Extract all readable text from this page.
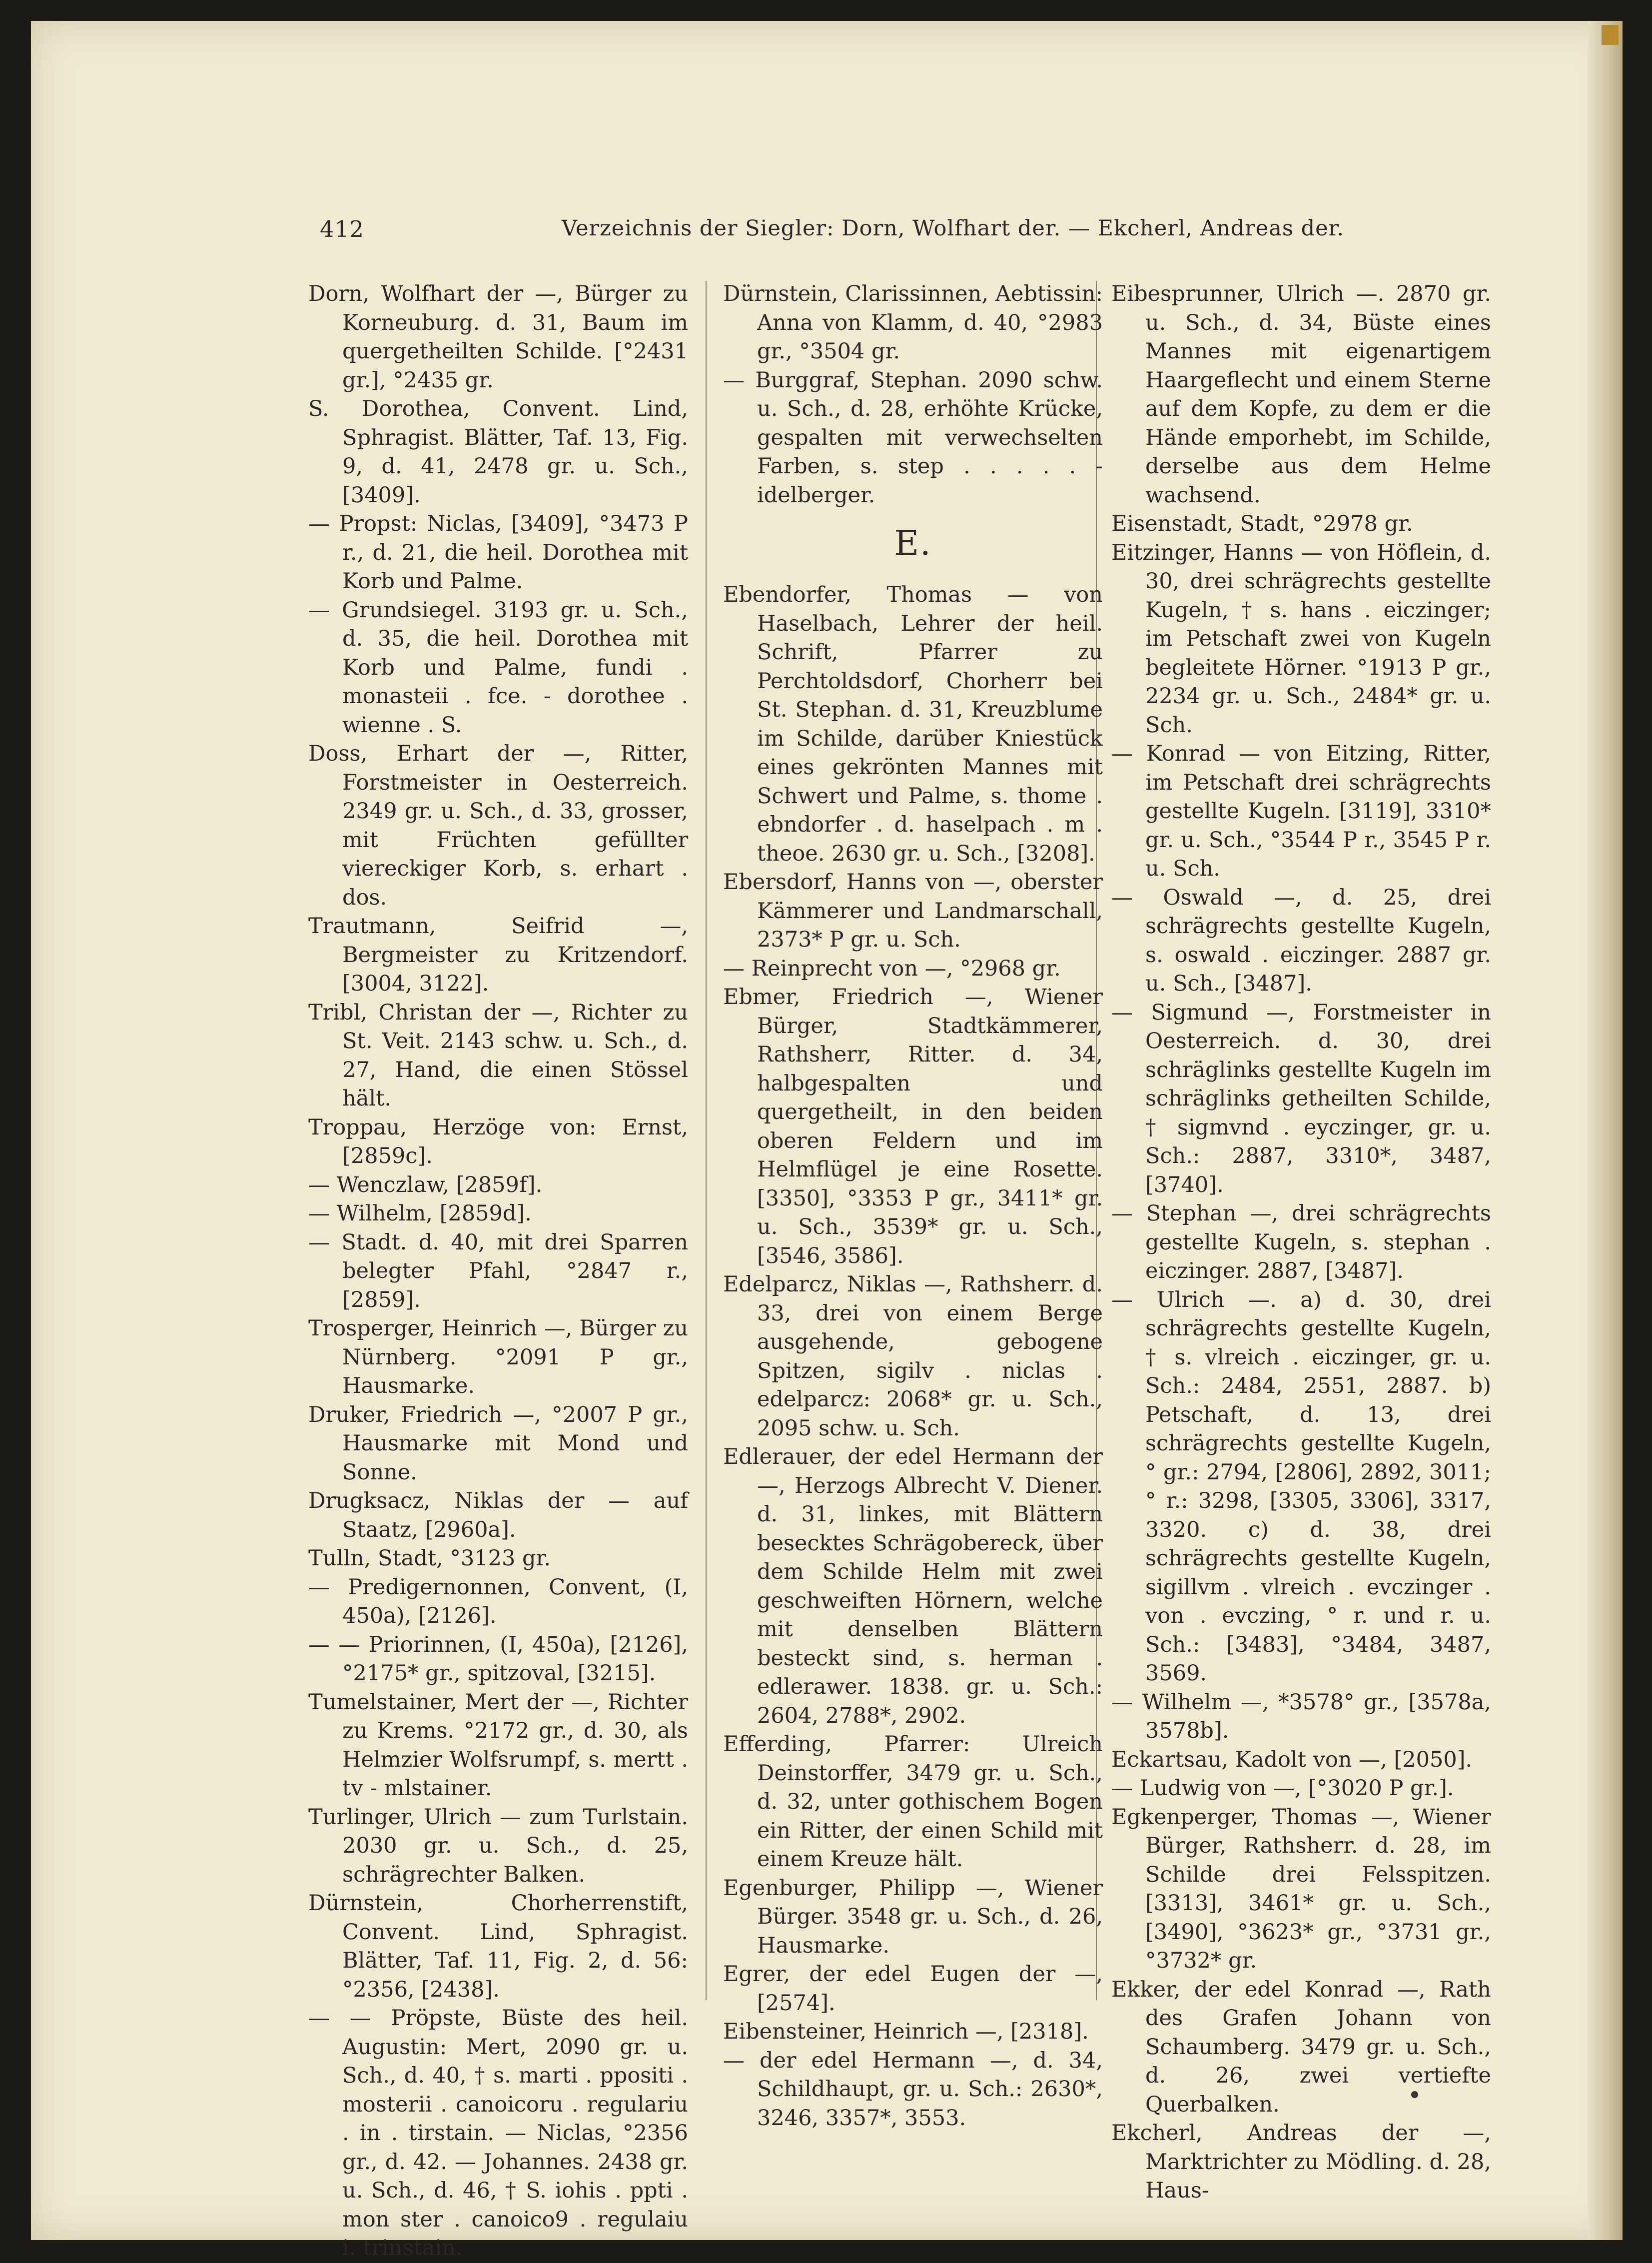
412	Verzeichnis der Siegler: Dorn, Wolfhart der. — Ekcherl, Andreas der.

Dorn, Wolfhart der —, Bürger zu Korneuburg. d. 31, Baum im quergetheilten Schilde. [°2431 gr.], °2435 gr.

S. Dorothea, Convent. Lind, Sphragist. Blätter, Taf. 13, Fig. 9, d. 41, 2478 gr. u. Sch., [3409].

— Propst: Niclas, [3409], °3473 P r., d. 21, die heil. Dorothea mit Korb und Palme.

— Grundsiegel. 3193 gr. u. Sch., d. 35, die heil. Dorothea mit Korb und Palme, fundi . monasteii . fce. - dorothee . wienne . S.

Doss, Erhart der —, Ritter, Forstmeister in Oesterreich. 2349 gr. u. Sch., d. 33, grosser, mit Früchten gefüllter viereckiger Korb, s. erhart . dos.

Trautmann, Seifrid —, Bergmeister zu Kritzendorf. [3004, 3122].

Tribl, Christan der —, Richter zu St. Veit. 2143 schw. u. Sch., d. 27, Hand, die einen Stössel hält.

Troppau, Herzöge von: Ernst, [2859c].

— Wenczlaw, [2859f].

— Wilhelm, [2859d].

— Stadt. d. 40, mit drei Sparren belegter Pfahl, °2847 r., [2859].

Trosperger, Heinrich —, Bürger zu Nürnberg. °2091 P gr., Hausmarke.

Druker, Friedrich —, °2007 P gr., Hausmarke mit Mond und Sonne.

Drugksacz, Niklas der — auf Staatz, [2960a].

Tulln, Stadt, °3123 gr.

— Predigernonnen, Convent, (I, 450a), [2126].

— — Priorinnen, (I, 450a), [2126], °2175* gr., spitzoval, [3215].

Tumelstainer, Mert der —, Richter zu Krems. °2172 gr., d. 30, als Helmzier Wolfsrumpf, s. mertt . tv - mlstainer.

Turlinger, Ulrich — zum Turlstain. 2030 gr. u. Sch., d. 25, schrägrechter Balken.

Dürnstein, Chorherrenstift, Convent. Lind, Sphragist. Blätter, Taf. 11, Fig. 2, d. 56: °2356, [2438].

— — Pröpste, Büste des heil. Augustin: Mert, 2090 gr. u. Sch., d. 40, † s. marti . ppositi . mosterii . canoicoru . regulariu . in . tirstain. — Niclas, °2356 gr., d. 42. — Johannes. 2438 gr. u. Sch., d. 46, † S. iohis . ppti . mon ster . canoico9 . regulaiu i. trinstain.

Dürnstein, Clarissinnen, Aebtissin: Anna von Klamm, d. 40, °2983 gr., °3504 gr.

— Burggraf, Stephan. 2090 schw. u. Sch., d. 28, erhöhte Krücke, gespalten mit verwechselten Farben, s. step . . . . . - idelberger.

E.

Ebendorfer, Thomas — von Haselbach, Lehrer der heil. Schrift, Pfarrer zu Perchtoldsdorf, Chorherr bei St. Stephan. d. 31, Kreuzblume im Schilde, darüber Kniestück eines gekrönten Mannes mit Schwert und Palme, s. thome . ebndorfer . d. haselpach . m . theoe. 2630 gr. u. Sch., [3208].

Ebersdorf, Hanns von —, oberster Kämmerer und Landmarschall, 2373* P gr. u. Sch.

— Reinprecht von —, °2968 gr.

Ebmer, Friedrich —, Wiener Bürger, Stadtkämmerer, Rathsherr, Ritter. d. 34, halbgespalten und quergetheilt, in den beiden oberen Feldern und im Helmflügel je eine Rosette. [3350], °3353 P gr., 3411* gr. u. Sch., 3539* gr. u. Sch., [3546, 3586].

Edelparcz, Niklas —, Rathsherr. d. 33, drei von einem Berge ausgehende, gebogene Spitzen, sigilv . niclas . edelparcz: 2068* gr. u. Sch., 2095 schw. u. Sch.

Edlerauer, der edel Hermann der —, Herzogs Albrecht V. Diener. d. 31, linkes, mit Blättern besecktes Schrägobereck, über dem Schilde Helm mit zwei geschweiften Hörnern, welche mit denselben Blättern besteckt sind, s. herman . edlerawer. 1838. gr. u. Sch.: 2604, 2788*, 2902.

Efferding, Pfarrer: Ulreich Deinstorffer, 3479 gr. u. Sch., d. 32, unter gothischem Bogen ein Ritter, der einen Schild mit einem Kreuze hält.

Egenburger, Philipp —, Wiener Bürger. 3548 gr. u. Sch., d. 26, Hausmarke.

Egrer, der edel Eugen der —, [2574].

Eibensteiner, Heinrich —, [2318].

— der edel Hermann —, d. 34, Schildhaupt, gr. u. Sch.: 2630*, 3246, 3357*, 3553.

Eibesprunner, Ulrich —. 2870 gr. u. Sch., d. 34, Büste eines Mannes mit eigenartigem Haargeflecht und einem Sterne auf dem Kopfe, zu dem er die Hände emporhebt, im Schilde, derselbe aus dem Helme wachsend.

Eisenstadt, Stadt, °2978 gr.

Eitzinger, Hanns — von Höflein, d. 30, drei schrägrechts gestellte Kugeln, † s. hans . eiczinger; im Petschaft zwei von Kugeln begleitete Hörner. °1913 P gr., 2234 gr. u. Sch., 2484* gr. u. Sch.

— Konrad — von Eitzing, Ritter, im Petschaft drei schrägrechts gestellte Kugeln. [3119], 3310* gr. u. Sch., °3544 P r., 3545 P r. u. Sch.

— Oswald —, d. 25, drei schrägrechts gestellte Kugeln, s. oswald . eiczinger. 2887 gr. u. Sch., [3487].

— Sigmund —, Forstmeister in Oesterreich. d. 30, drei schräglinks gestellte Kugeln im schräglinks getheilten Schilde, † sigmvnd . eyczinger, gr. u. Sch.: 2887, 3310*, 3487, [3740].

— Stephan —, drei schrägrechts gestellte Kugeln, s. stephan . eiczinger. 2887, [3487].

— Ulrich —. a) d. 30, drei schrägrechts gestellte Kugeln, † s. vlreich . eiczinger, gr. u. Sch.: 2484, 2551, 2887. b) Petschaft, d. 13, drei schrägrechts gestellte Kugeln, ° gr.: 2794, [2806], 2892, 3011; ° r.: 3298, [3305, 3306], 3317, 3320. c) d. 38, drei schrägrechts gestellte Kugeln, sigillvm . vlreich . evczinger . von . evczing, ° r. und r. u. Sch.: [3483], °3484, 3487, 3569.

— Wilhelm —, *3578° gr., [3578a, 3578b].

Eckartsau, Kadolt von —, [2050].

— Ludwig von —, [°3020 P gr.].

Egkenperger, Thomas —, Wiener Bürger, Rathsherr. d. 28, im Schilde drei Felsspitzen. [3313], 3461* gr. u. Sch., [3490], °3623* gr., °3731 gr., °3732* gr.

Ekker, der edel Konrad —, Rath des Grafen Johann von Schaumberg. 3479 gr. u. Sch., d. 26, zwei vertiefte Querbalken.

Ekcherl, Andreas der —, Marktrichter zu Mödling. d. 28, Haus-
